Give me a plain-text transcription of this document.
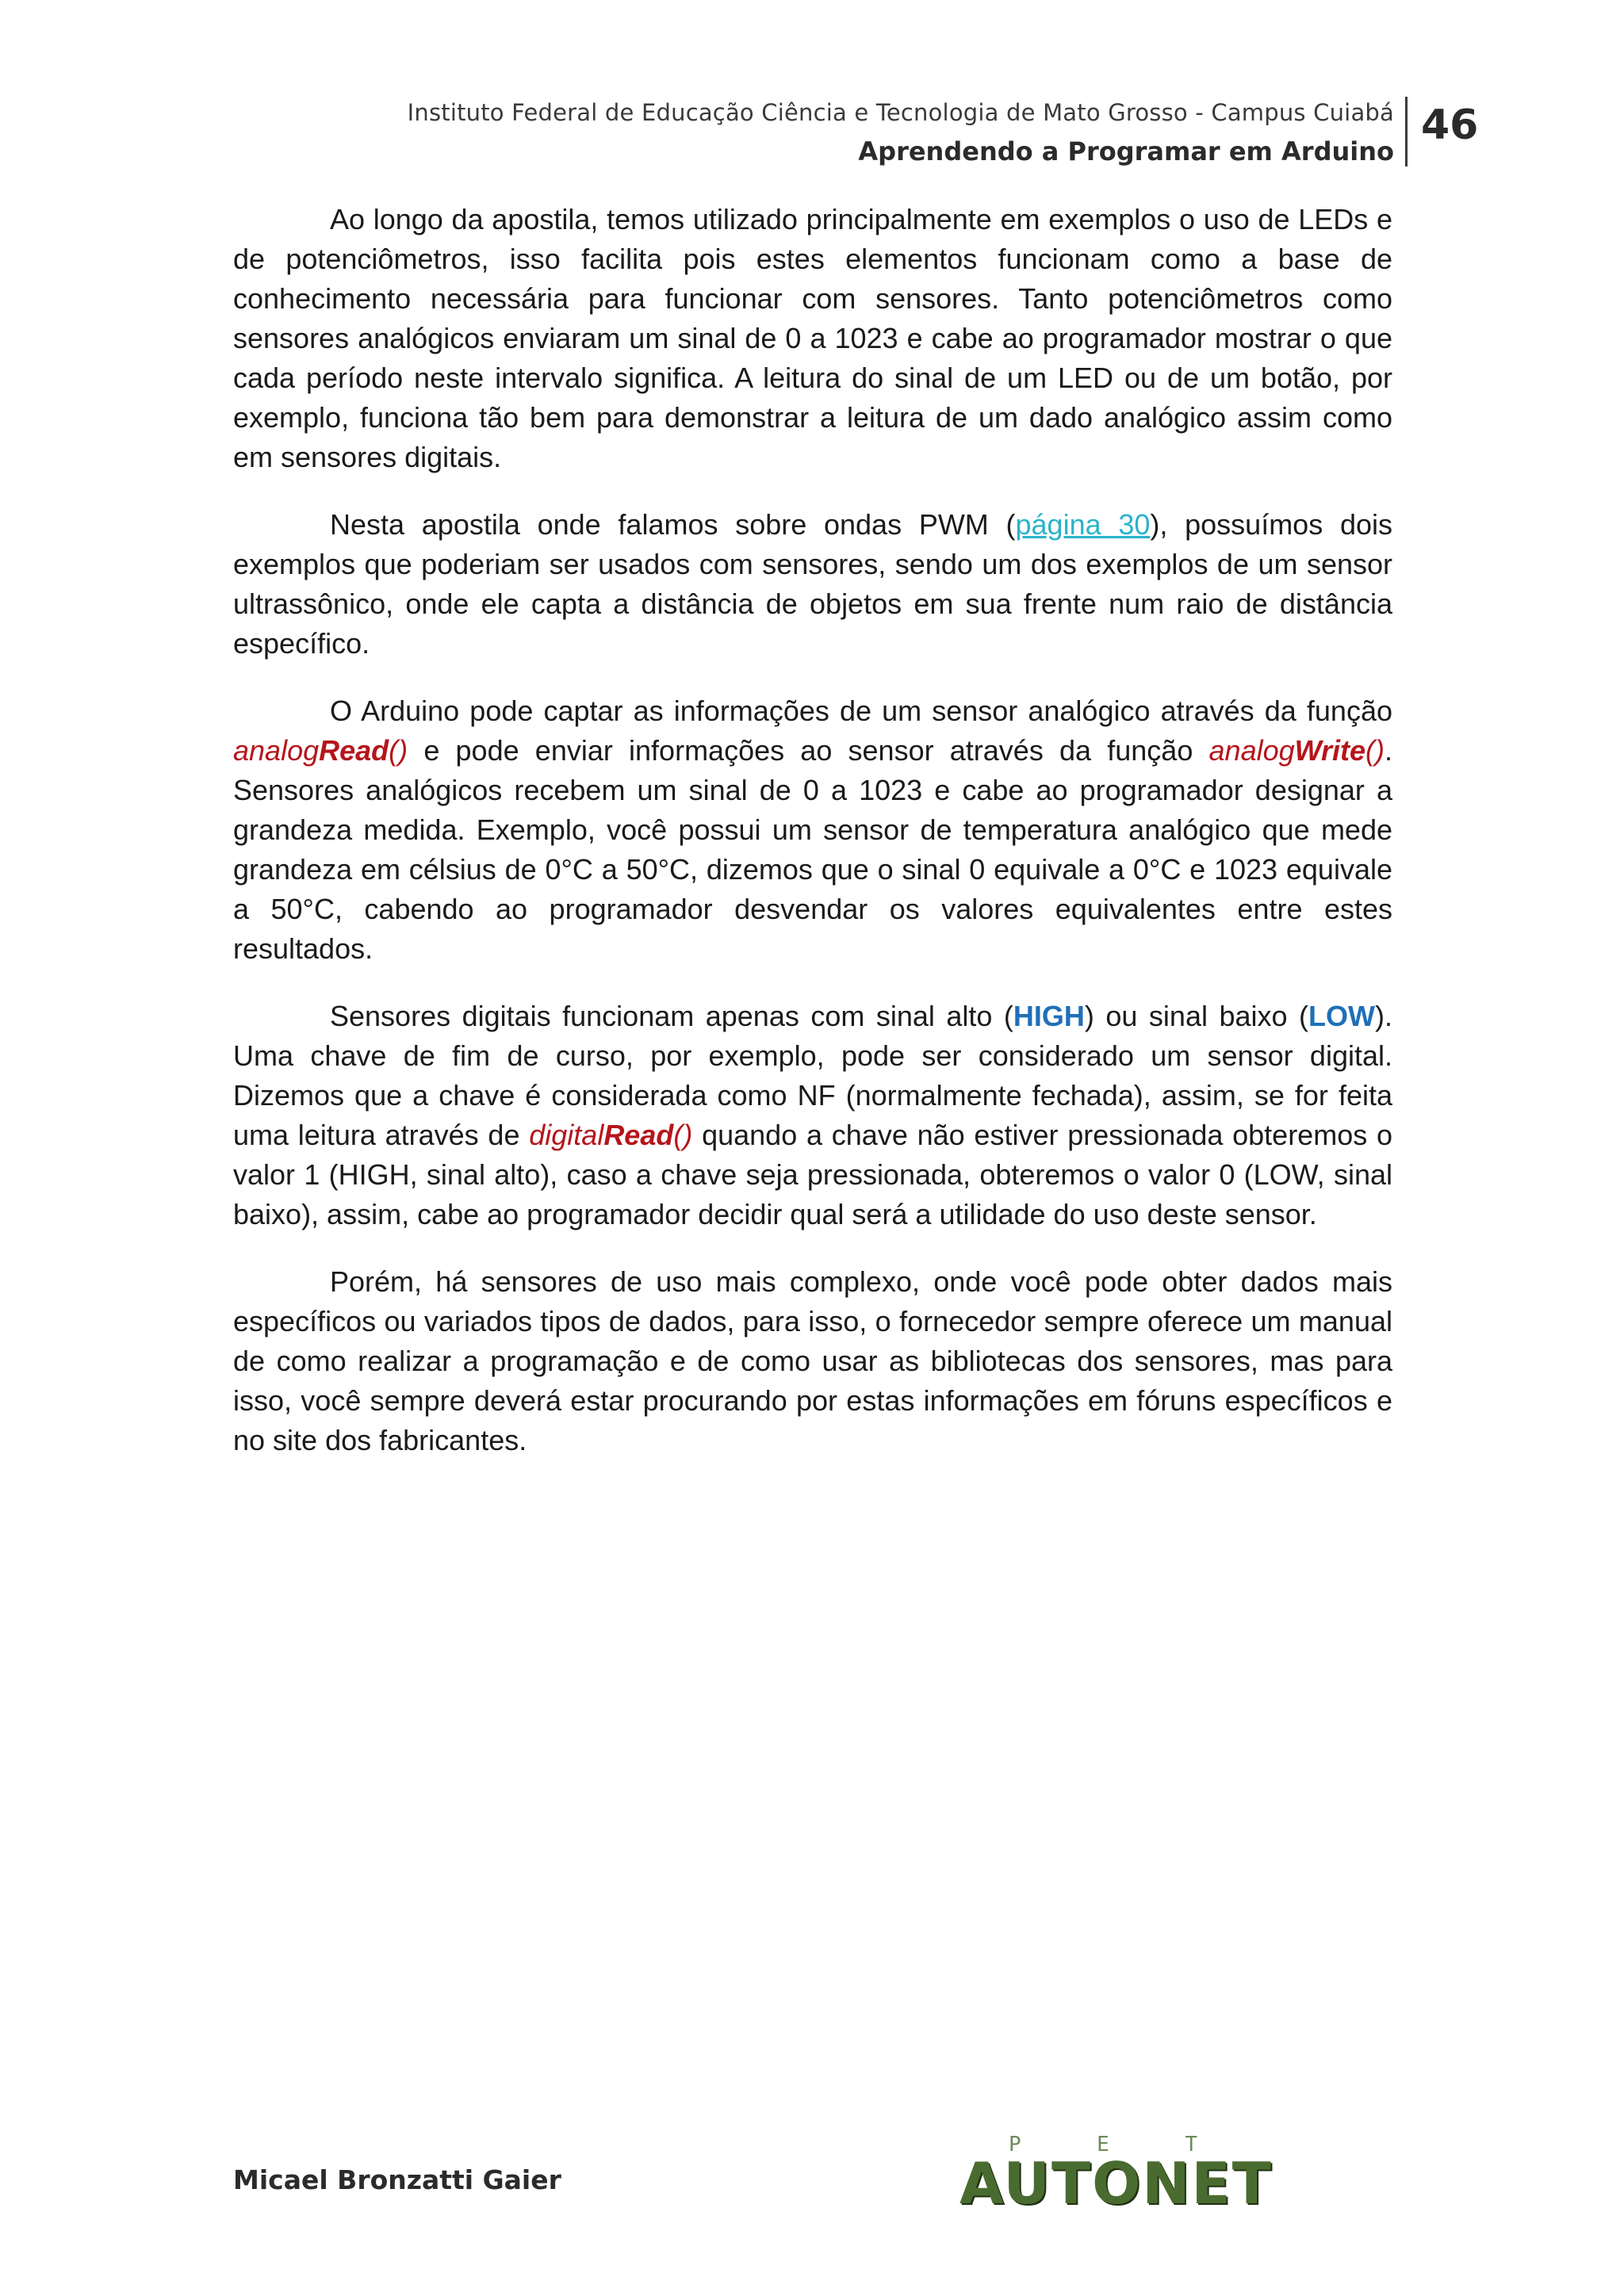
Instituto Federal de Educação Ciência e Tecnologia de Mato Grosso - Campus Cuiabá
Aprendendo a Programar em Arduino
46

Ao longo da apostila, temos utilizado principalmente em exemplos o uso de LEDs e de potenciômetros, isso facilita pois estes elementos funcionam como a base de conhecimento necessária para funcionar com sensores. Tanto potenciômetros como sensores analógicos enviaram um sinal de 0 a 1023 e cabe ao programador mostrar o que cada período neste intervalo significa. A leitura do sinal de um LED ou de um botão, por exemplo, funciona tão bem para demonstrar a leitura de um dado analógico assim como em sensores digitais.

Nesta apostila onde falamos sobre ondas PWM (página 30), possuímos dois exemplos que poderiam ser usados com sensores, sendo um dos exemplos de um sensor ultrassônico, onde ele capta a distância de objetos em sua frente num raio de distância específico.

O Arduino pode captar as informações de um sensor analógico através da função analogRead() e pode enviar informações ao sensor através da função analogWrite(). Sensores analógicos recebem um sinal de 0 a 1023 e cabe ao programador designar a grandeza medida. Exemplo, você possui um sensor de temperatura analógico que mede grandeza em célsius de 0°C a 50°C, dizemos que o sinal 0 equivale a 0°C e 1023 equivale a 50°C, cabendo ao programador desvendar os valores equivalentes entre estes resultados.

Sensores digitais funcionam apenas com sinal alto (HIGH) ou sinal baixo (LOW). Uma chave de fim de curso, por exemplo, pode ser considerado um sensor digital. Dizemos que a chave é considerada como NF (normalmente fechada), assim, se for feita uma leitura através de digitalRead() quando a chave não estiver pressionada obteremos o valor 1 (HIGH, sinal alto), caso a chave seja pressionada, obteremos o valor 0 (LOW, sinal baixo), assim, cabe ao programador decidir qual será a utilidade do uso deste sensor.

Porém, há sensores de uso mais complexo, onde você pode obter dados mais específicos ou variados tipos de dados, para isso, o fornecedor sempre oferece um manual de como realizar a programação e de como usar as bibliotecas dos sensores, mas para isso, você sempre deverá estar procurando por estas informações em fóruns específicos e no site dos fabricantes.

Micael Bronzatti Gaier
P	E	T
AUTONET
